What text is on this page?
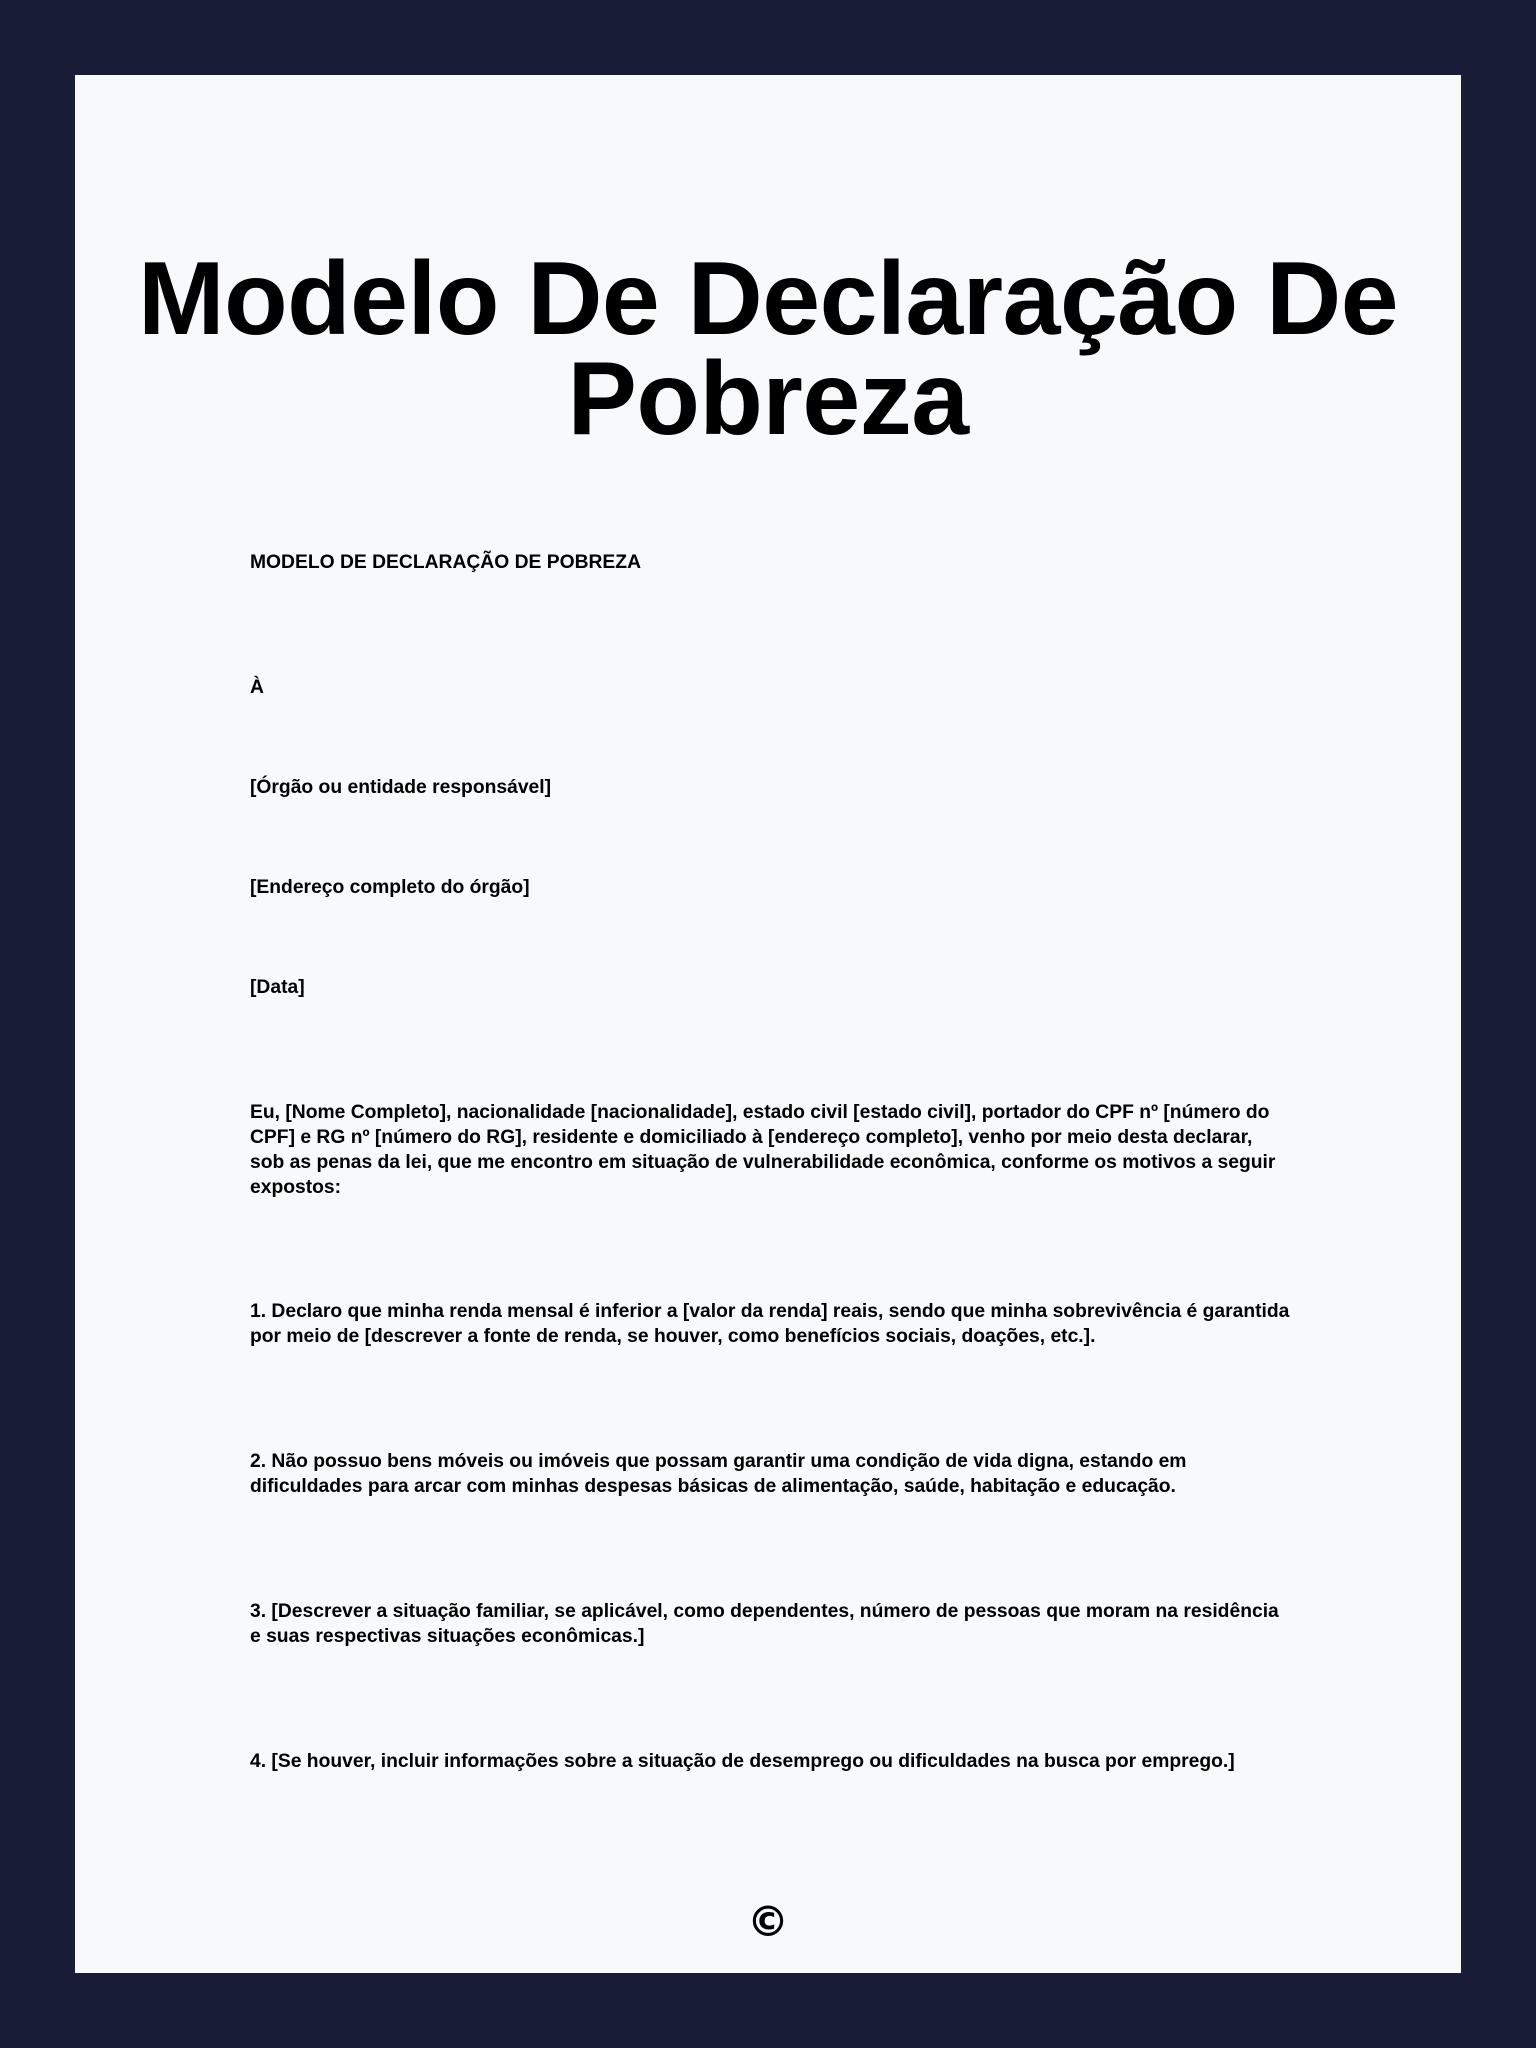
Modelo De Declaração De Pobreza

MODELO DE DECLARAÇÃO DE POBREZA

À

[Órgão ou entidade responsável]

[Endereço completo do órgão]

[Data]

Eu, [Nome Completo], nacionalidade [nacionalidade], estado civil [estado civil], portador do CPF nº [número do CPF] e RG nº [número do RG], residente e domiciliado à [endereço completo], venho por meio desta declarar, sob as penas da lei, que me encontro em situação de vulnerabilidade econômica, conforme os motivos a seguir expostos:

1. Declaro que minha renda mensal é inferior a [valor da renda] reais, sendo que minha sobrevivência é garantida por meio de [descrever a fonte de renda, se houver, como benefícios sociais, doações, etc.].

2. Não possuo bens móveis ou imóveis que possam garantir uma condição de vida digna, estando em dificuldades para arcar com minhas despesas básicas de alimentação, saúde, habitação e educação.

3. [Descrever a situação familiar, se aplicável, como dependentes, número de pessoas que moram na residência e suas respectivas situações econômicas.]

4. [Se houver, incluir informações sobre a situação de desemprego ou dificuldades na busca por emprego.]

©
